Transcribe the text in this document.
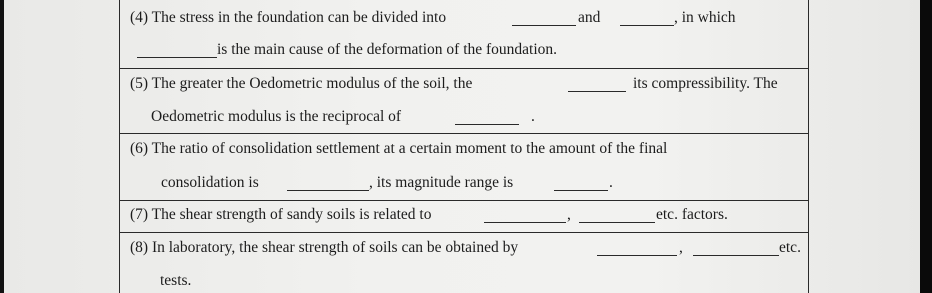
(4) The stress in the foundation can be divided into	and	, in which
is the main cause of the deformation of the foundation.
(5) The greater the Oedometric modulus of the soil, the	its compressibility. The
Oedometric modulus is the reciprocal of	.
(6) The ratio of consolidation settlement at a certain moment to the amount of the final
consolidation is	, its magnitude range is	.
(7) The shear strength of sandy soils is related to	,	etc. factors.
(8) In laboratory, the shear strength of soils can be obtained by	,	etc.
tests.
